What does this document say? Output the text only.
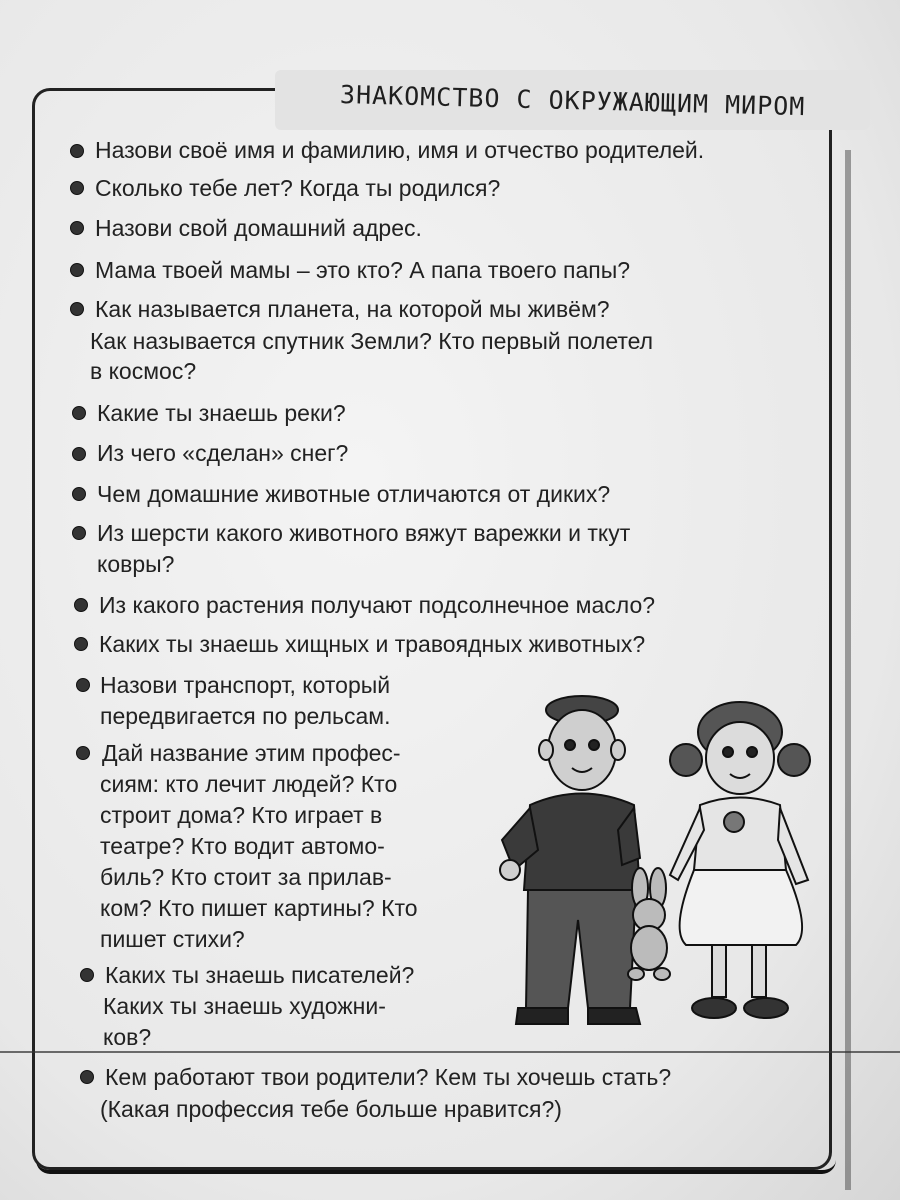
ЗНАКОМСТВО С ОКРУЖАЮЩИМ МИРОМ
Назови своё имя и фамилию, имя и отчество родителей.
Сколько тебе лет? Когда ты родился?
Назови свой домашний адрес.
Мама твоей мамы – это кто? А папа твоего папы?
Как называется планета, на которой мы живём?
Как называется спутник Земли? Кто первый полетел
в космос?
Какие ты знаешь реки?
Из чего «сделан» снег?
Чем домашние животные отличаются от диких?
Из шерсти какого животного вяжут варежки и ткут
ковры?
Из какого растения получают подсолнечное масло?
Каких ты знаешь хищных и травоядных животных?
Назови транспорт, который
передвигается по рельсам.
Дай название этим профес-
сиям: кто лечит людей? Кто
строит дома? Кто играет в
театре? Кто водит автомо-
биль? Кто стоит за прилав-
ком? Кто пишет картины? Кто
пишет стихи?
Каких ты знаешь писателей?
Каких ты знаешь художни-
ков?
Кем работают твои родители? Кем ты хочешь стать?
(Какая профессия тебе больше нравится?)
